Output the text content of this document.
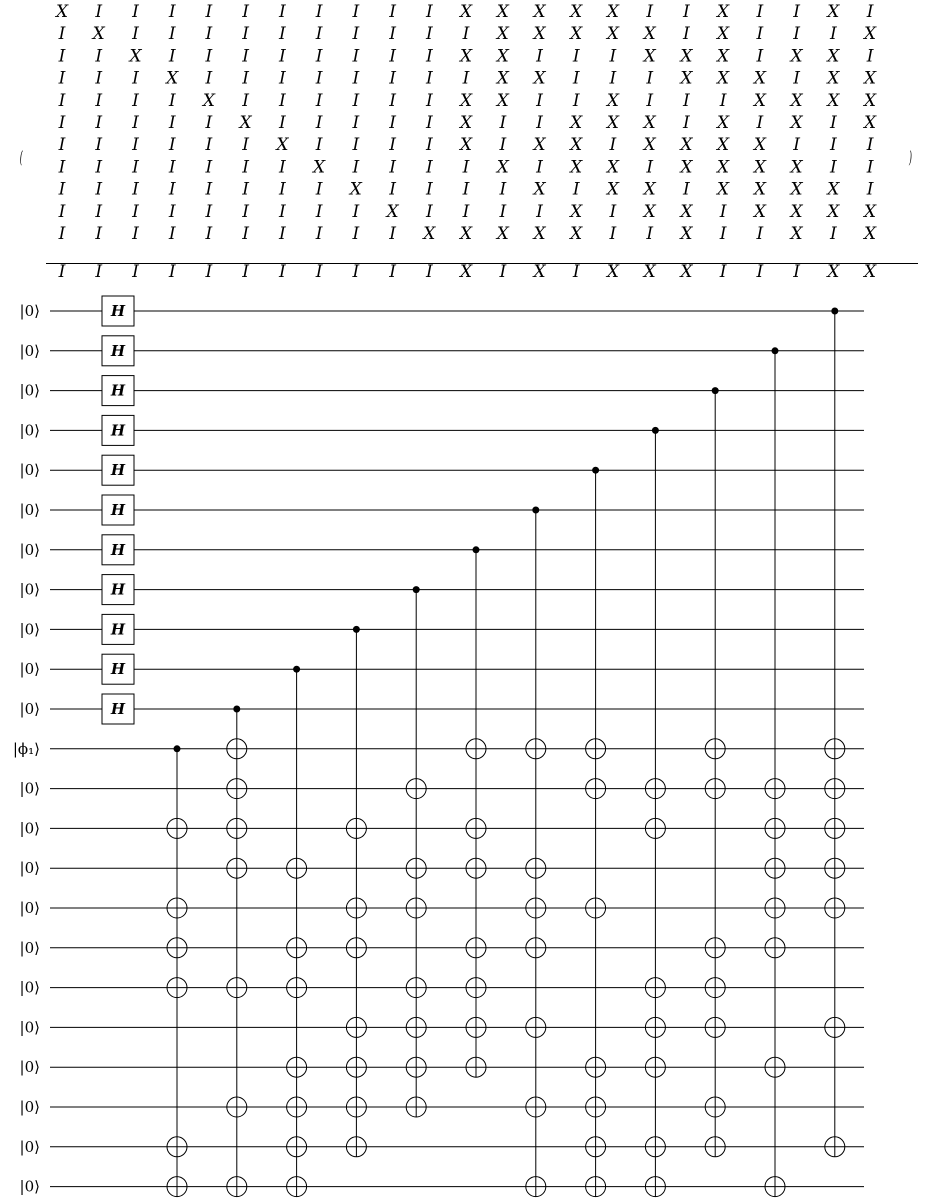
(	)
X I I I I I I I I I I X X X X X I I X I I X I
I X I I I I I I I I I I X X X X X I X I I I X
I I X I I I I I I I I X X I I I X X X I X X I
I I I X I I I I I I I I X X I I I X X X I X X
I I I I X I I I I I I X X I I X I I I X X X X
I I I I I X I I I I I X I I X X X I X I X I X
I I I I I I X I I I I X I X X I X X X X I I I
I I I I I I I X I I I I X I X X I X X X X I I
I I I I I I I I X I I I I X I X X I X X X X I
I I I I I I I I I X I I I I X I X X I X X X X
I I I I I I I I I I X X X X X I I X I I X I X
I I I I I I I I I I I X I X I X X X I I I X X
|0⟩
|0⟩
|0⟩
|0⟩
|0⟩
|0⟩
|0⟩
|0⟩
|0⟩
|0⟩
|0⟩
|ϕ₁⟩
|0⟩
|0⟩
|0⟩
|0⟩
|0⟩
|0⟩
|0⟩
|0⟩
|0⟩
|0⟩
|0⟩
H
H
H
H
H
H
H
H
H
H
H
